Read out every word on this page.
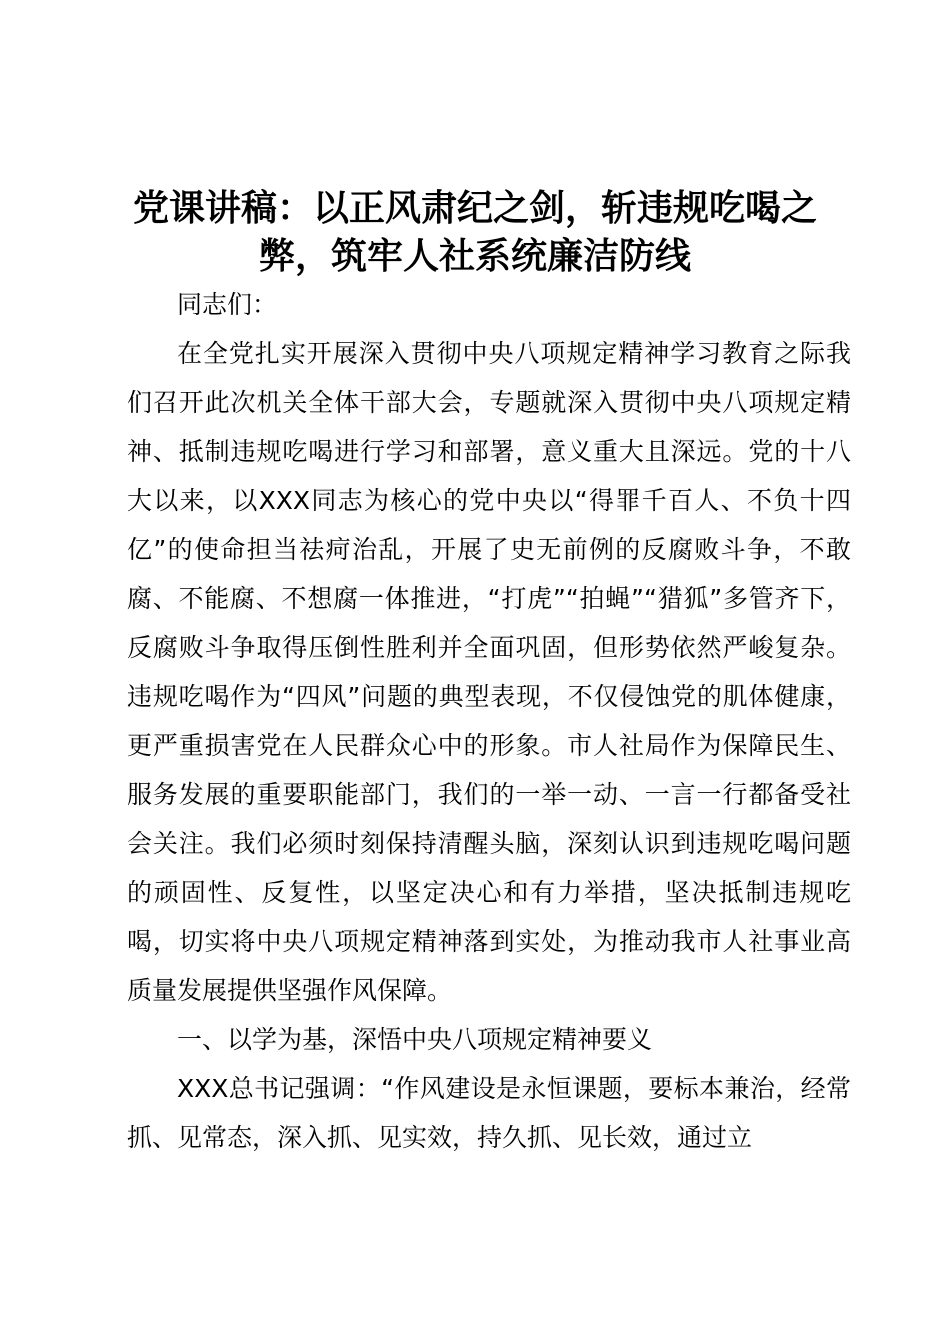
党课讲稿：以正风肃纪之剑，斩违规吃喝之弊，筑牢人社系统廉洁防线

同志们：

在全党扎实开展深入贯彻中央八项规定精神学习教育之际我们召开此次机关全体干部大会，专题就深入贯彻中央八项规定精神、抵制违规吃喝进行学习和部署，意义重大且深远。党的十八大以来，以XXX同志为核心的党中央以“得罪千百人、不负十四亿”的使命担当祛疴治乱，开展了史无前例的反腐败斗争，不敢腐、不能腐、不想腐一体推进，“打虎”“拍蝇”“猎狐”多管齐下，反腐败斗争取得压倒性胜利并全面巩固，但形势依然严峻复杂。违规吃喝作为“四风”问题的典型表现，不仅侵蚀党的肌体健康，更严重损害党在人民群众心中的形象。市人社局作为保障民生、服务发展的重要职能部门，我们的一举一动、一言一行都备受社会关注。我们必须时刻保持清醒头脑，深刻认识到违规吃喝问题的顽固性、反复性，以坚定决心和有力举措，坚决抵制违规吃喝，切实将中央八项规定精神落到实处，为推动我市人社事业高质量发展提供坚强作风保障。

一、以学为基，深悟中央八项规定精神要义

XXX总书记强调：“作风建设是永恒课题，要标本兼治，经常抓、见常态，深入抓、见实效，持久抓、见长效，通过立
